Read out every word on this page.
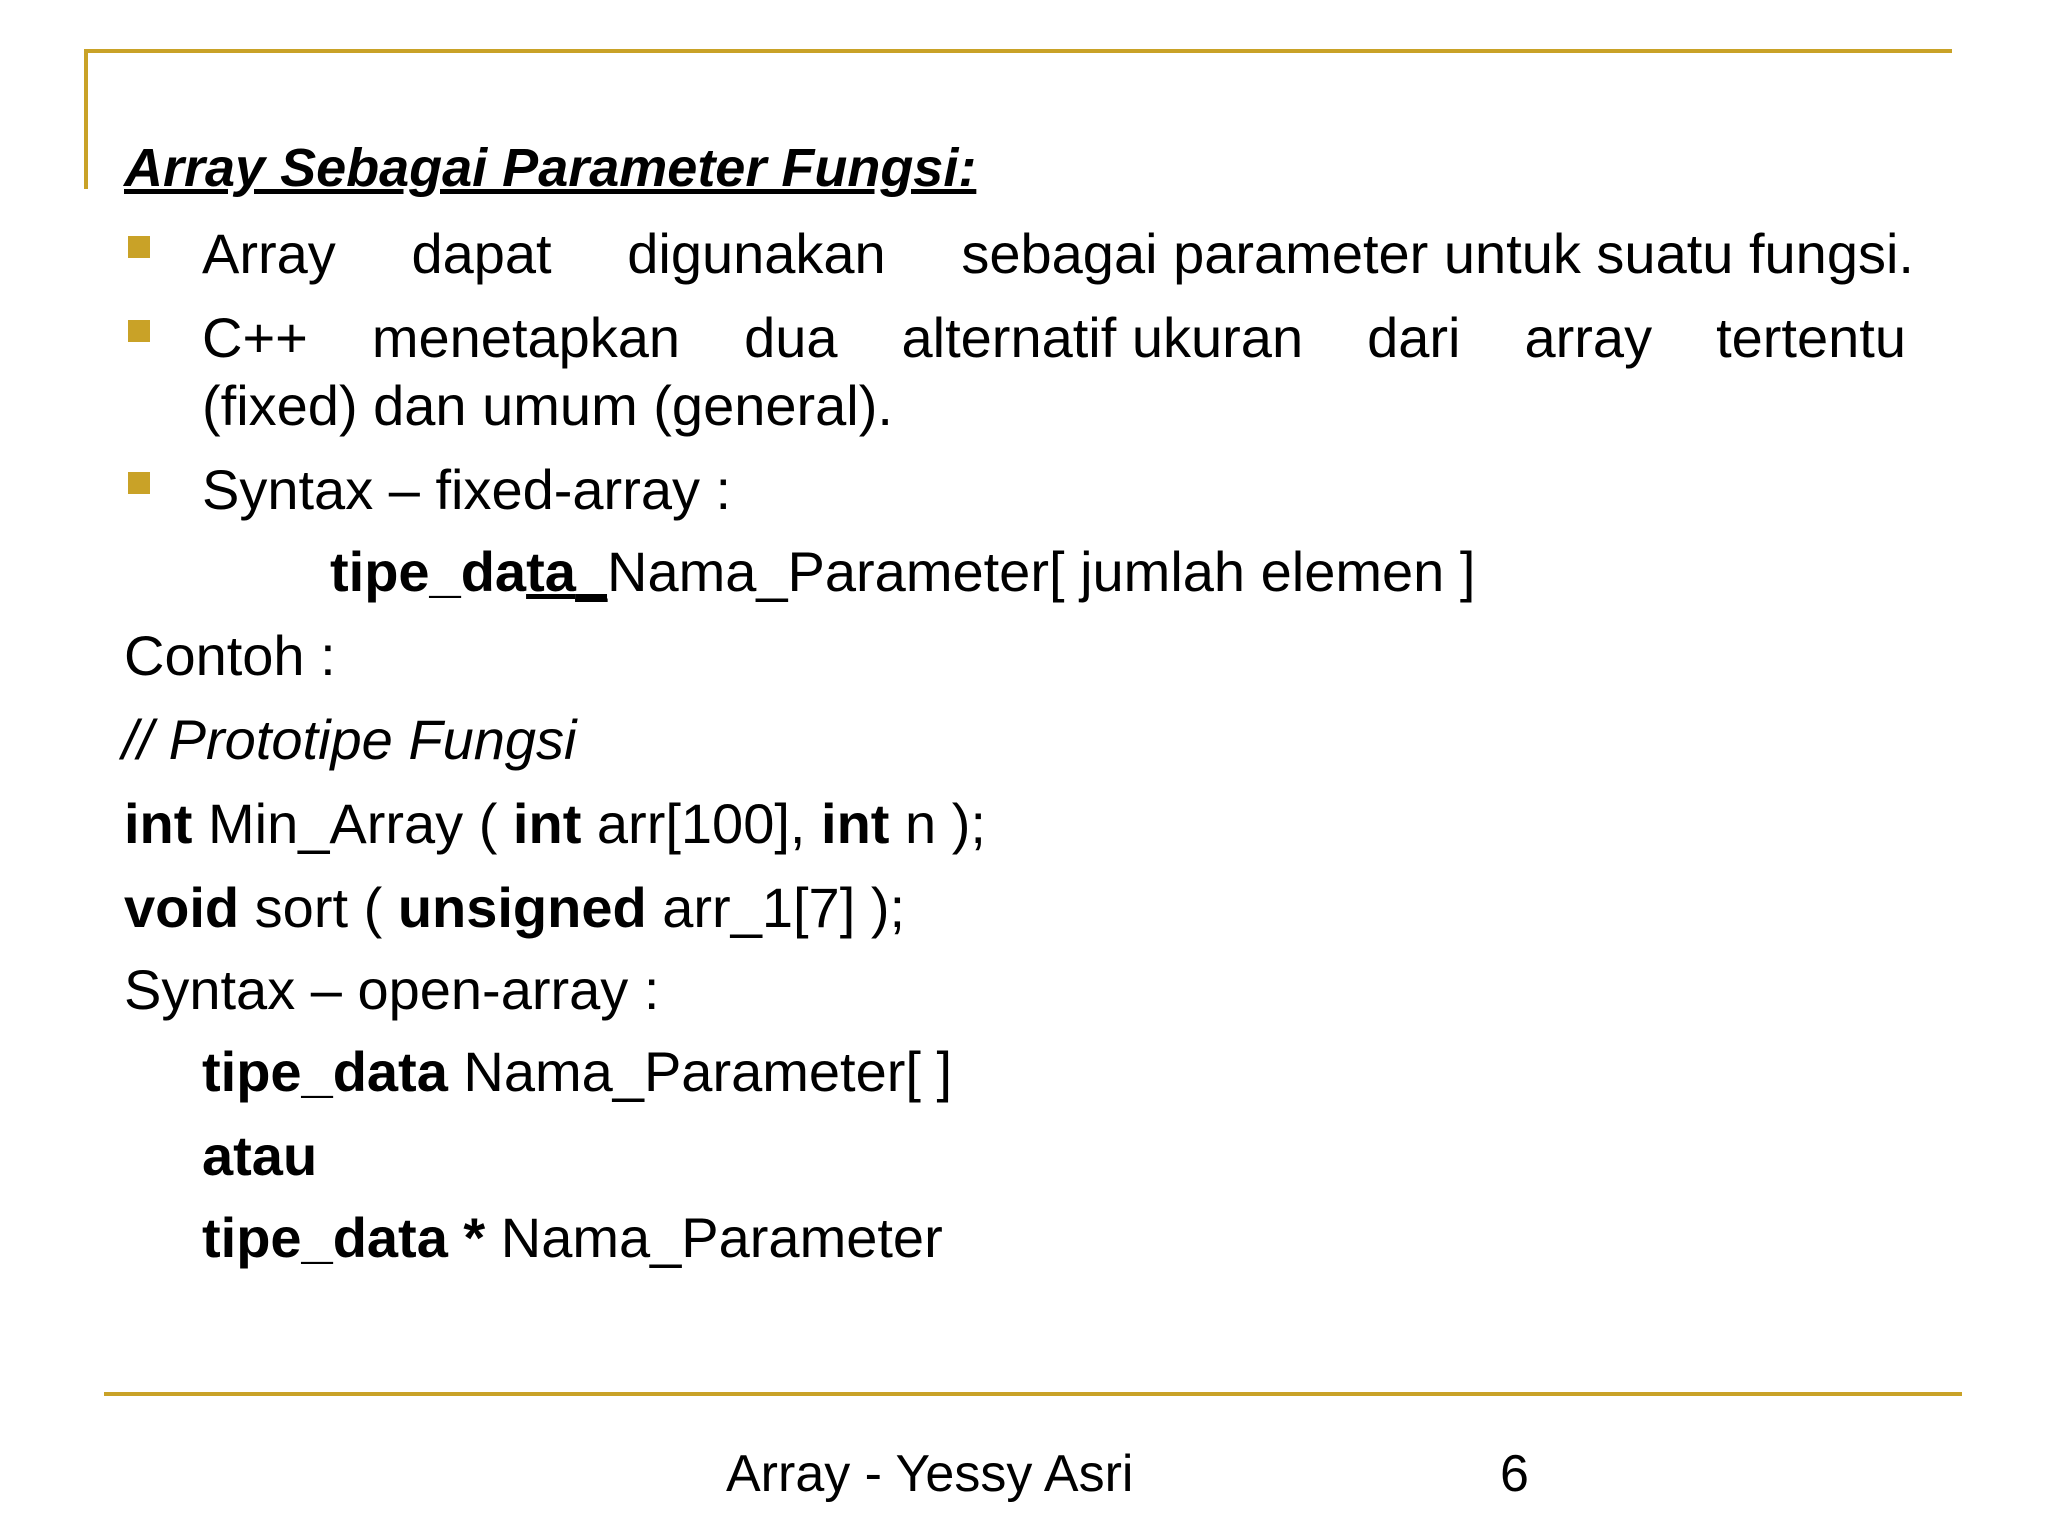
Array Sebagai Parameter Fungsi:
Array dapat digunakan sebagai parameter untuk suatu fungsi.
C++ menetapkan dua alternatif ukuran dari array tertentu
(fixed) dan umum (general).
Syntax – fixed-array :
tipe_data_Nama_Parameter[ jumlah elemen ]
Contoh :
// Prototipe Fungsi
int Min_Array ( int arr[100], int n );
void sort ( unsigned arr_1[7] );
Syntax – open-array :
tipe_data Nama_Parameter[ ]
atau
tipe_data * Nama_Parameter
Array - Yessy Asri	6
